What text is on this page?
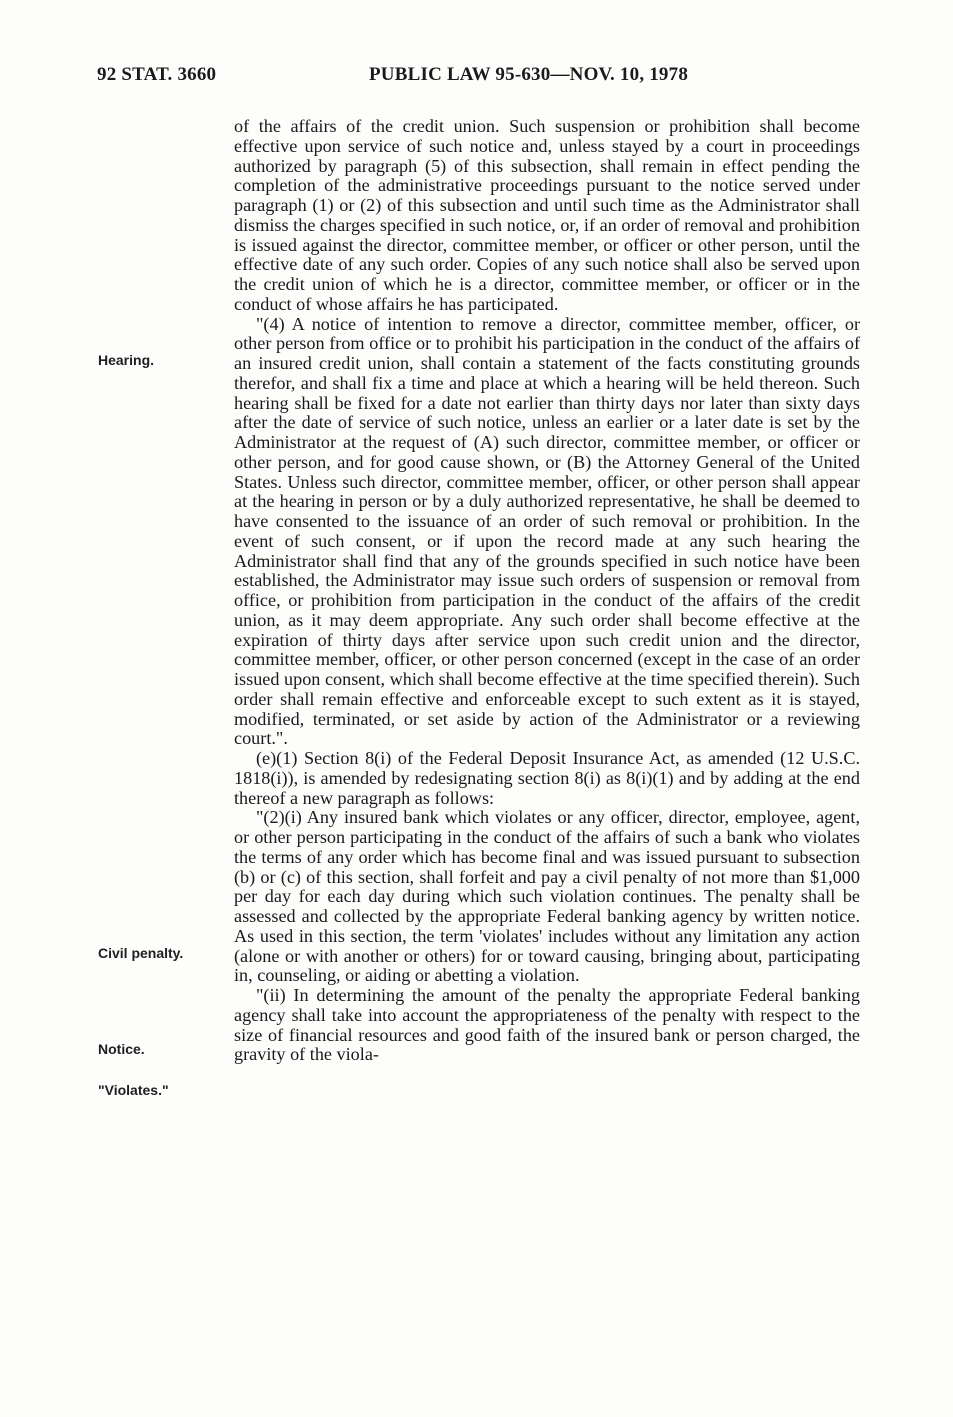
92 STAT. 3660	PUBLIC LAW 95-630—NOV. 10, 1978
Hearing.
Civil penalty.
Notice.
"Violates."

of the affairs of the credit union. Such suspension or prohibition shall become effective upon service of such notice and, unless stayed by a court in proceedings authorized by paragraph (5) of this subsection, shall remain in effect pending the completion of the administrative proceedings pursuant to the notice served under paragraph (1) or (2) of this subsection and until such time as the Administrator shall dismiss the charges specified in such notice, or, if an order of removal and prohibition is issued against the director, committee member, or officer or other person, until the effective date of any such order. Copies of any such notice shall also be served upon the credit union of which he is a director, committee member, or officer or in the conduct of whose affairs he has participated.

"(4) A notice of intention to remove a director, committee member, officer, or other person from office or to prohibit his participation in the conduct of the affairs of an insured credit union, shall contain a statement of the facts constituting grounds therefor, and shall fix a time and place at which a hearing will be held thereon. Such hearing shall be fixed for a date not earlier than thirty days nor later than sixty days after the date of service of such notice, unless an earlier or a later date is set by the Administrator at the request of (A) such director, committee member, or officer or other person, and for good cause shown, or (B) the Attorney General of the United States. Unless such director, committee member, officer, or other person shall appear at the hearing in person or by a duly authorized representative, he shall be deemed to have consented to the issuance of an order of such removal or prohibition. In the event of such consent, or if upon the record made at any such hearing the Administrator shall find that any of the grounds specified in such notice have been established, the Administrator may issue such orders of suspension or removal from office, or prohibition from participation in the conduct of the affairs of the credit union, as it may deem appropriate. Any such order shall become effective at the expiration of thirty days after service upon such credit union and the director, committee member, officer, or other person concerned (except in the case of an order issued upon consent, which shall become effective at the time specified therein). Such order shall remain effective and enforceable except to such extent as it is stayed, modified, terminated, or set aside by action of the Administrator or a reviewing court.".

(e)(1) Section 8(i) of the Federal Deposit Insurance Act, as amended (12 U.S.C. 1818(i)), is amended by redesignating section 8(i) as 8(i)(1) and by adding at the end thereof a new paragraph as follows:

"(2)(i) Any insured bank which violates or any officer, director, employee, agent, or other person participating in the conduct of the affairs of such a bank who violates the terms of any order which has become final and was issued pursuant to subsection (b) or (c) of this section, shall forfeit and pay a civil penalty of not more than $1,000 per day for each day during which such violation continues. The penalty shall be assessed and collected by the appropriate Federal banking agency by written notice. As used in this section, the term 'violates' includes without any limitation any action (alone or with another or others) for or toward causing, bringing about, participating in, counseling, or aiding or abetting a violation.

"(ii) In determining the amount of the penalty the appropriate Federal banking agency shall take into account the appropriateness of the penalty with respect to the size of financial resources and good faith of the insured bank or person charged, the gravity of the viola-
